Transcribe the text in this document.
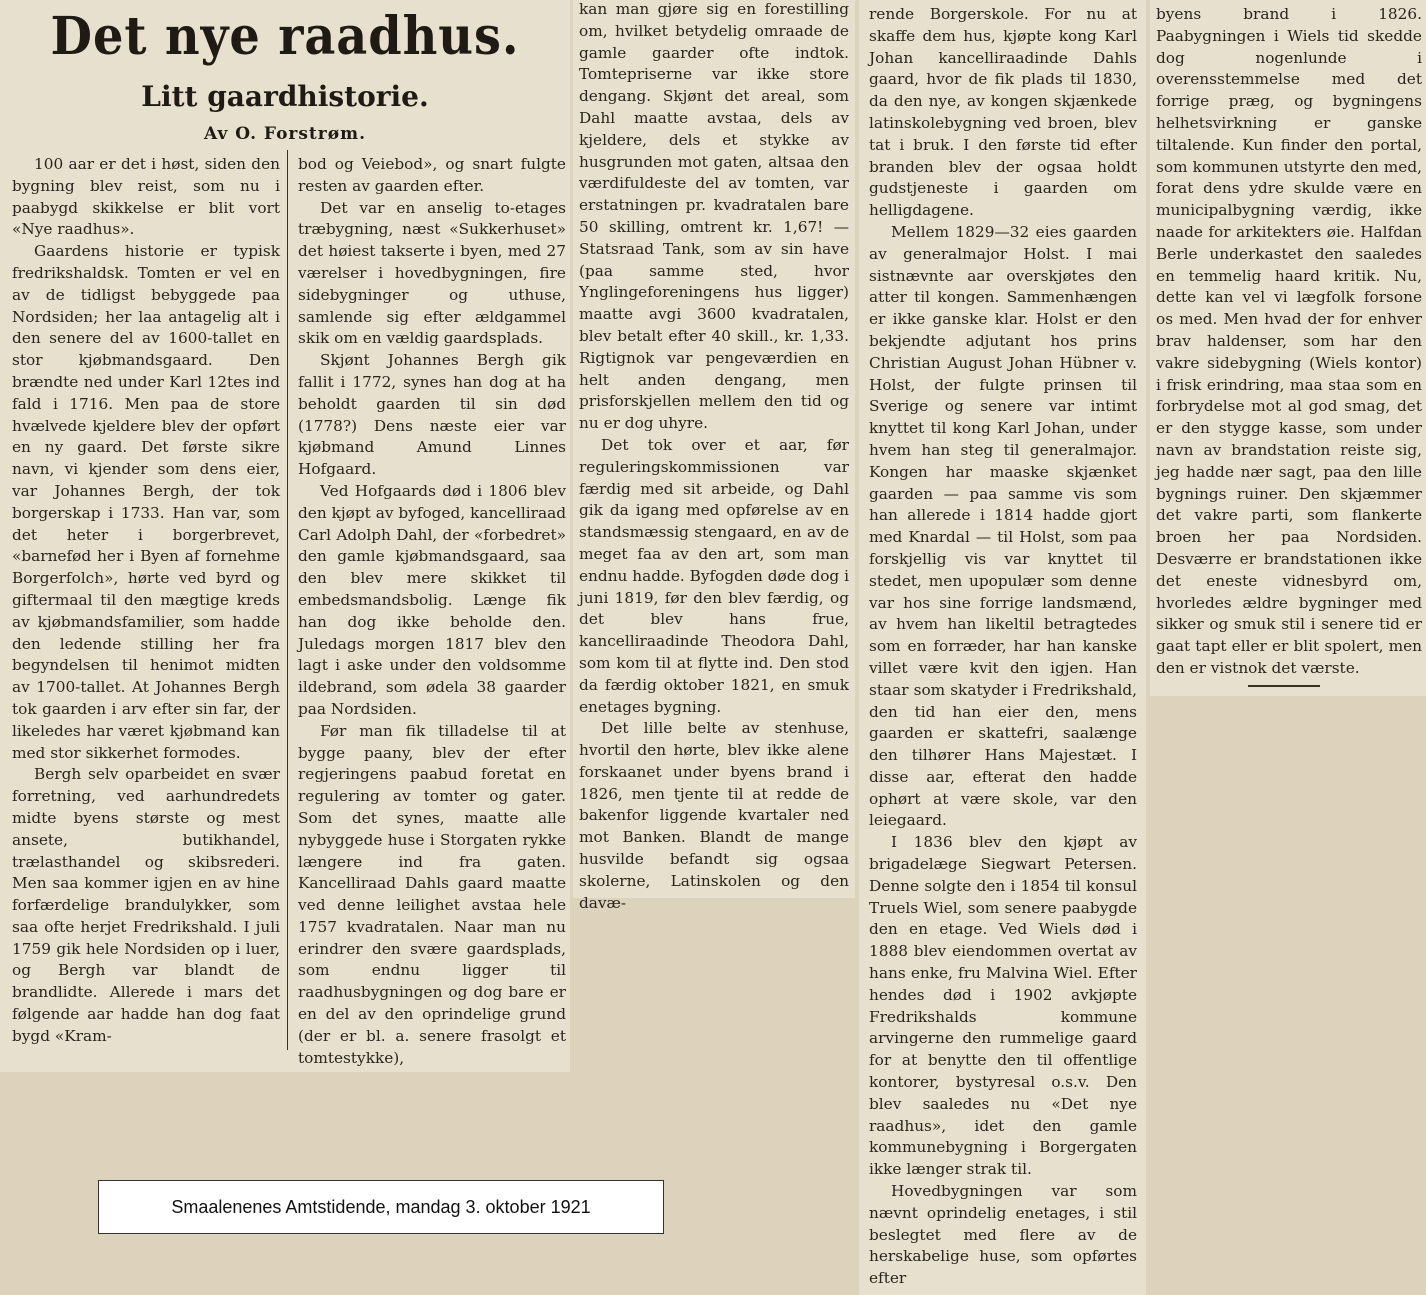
Det nye raadhus.
Litt gaardhistorie.
Av O. Forstrøm.

100 aar er det i høst, siden den bygning blev reist, som nu i paabygd skikkelse er blit vort «Nye raadhus».

Gaardens historie er typisk fredrikshaldsk. Tomten er vel en av de tidligst bebyggede paa Nordsiden; her laa antagelig alt i den senere del av 1600-tallet en stor kjøbmandsgaard. Den brændte ned under Karl 12tes ind fald i 1716. Men paa de store hvælvede kjeldere blev der opført en ny gaard. Det første sikre navn, vi kjender som dens eier, var Johannes Bergh, der tok borgerskap i 1733. Han var, som det heter i borgerbrevet, «barnefød her i Byen af fornehme Borgerfolch», hørte ved byrd og giftermaal til den mægtige kreds av kjøbmandsfamilier, som hadde den ledende stilling her fra begyndelsen til henimot midten av 1700-tallet. At Johannes Bergh tok gaarden i arv efter sin far, der likeledes har været kjøbmand kan med stor sikkerhet formodes.

Bergh selv oparbeidet en svær forretning, ved aarhundredets midte byens største og mest ansete, butikhandel, trælasthandel og skibsrederi. Men saa kommer igjen en av hine forfærdelige brandulykker, som saa ofte herjet Fredrikshald. I juli 1759 gik hele Nordsiden op i luer, og Bergh var blandt de brandlidte. Allerede i mars det følgende aar hadde han dog faat bygd «Kram-

bod og Veiebod», og snart fulgte resten av gaarden efter.

Det var en anselig to-etages træbygning, næst «Sukkerhuset» det høiest takserte i byen, med 27 værelser i hovedbygningen, fire sidebygninger og uthuse, samlende sig efter ældgammel skik om en vældig gaardsplads.

Skjønt Johannes Bergh gik fallit i 1772, synes han dog at ha beholdt gaarden til sin død (1778?) Dens næste eier var kjøbmand Amund Linnes Hofgaard.

Ved Hofgaards død i 1806 blev den kjøpt av byfoged, kancelliraad Carl Adolph Dahl, der «forbedret» den gamle kjøbmandsgaard, saa den blev mere skikket til embedsmandsbolig. Længe fik han dog ikke beholde den. Juledags morgen 1817 blev den lagt i aske under den voldsomme ildebrand, som ødela 38 gaarder paa Nordsiden.

Før man fik tilladelse til at bygge paany, blev der efter regjeringens paabud foretat en regulering av tomter og gater. Som det synes, maatte alle nybyggede huse i Storgaten rykke længere ind fra gaten. Kancelliraad Dahls gaard maatte ved denne leilighet avstaa hele 1757 kvadratalen. Naar man nu erindrer den svære gaardsplads, som endnu ligger til raadhusbygningen og dog bare er en del av den oprindelige grund (der er bl. a. senere frasolgt et tomtestykke),

kan man gjøre sig en forestilling om, hvilket betydelig omraade de gamle gaarder ofte indtok. Tomtepriserne var ikke store dengang. Skjønt det areal, som Dahl maatte avstaa, dels av kjeldere, dels et stykke av husgrunden mot gaten, altsaa den værdifuldeste del av tomten, var erstatningen pr. kvadratalen bare 50 skilling, omtrent kr. 1,67! — Statsraad Tank, som av sin have (paa samme sted, hvor Ynglingeforeningens hus ligger) maatte avgi 3600 kvadratalen, blev betalt efter 40 skill., kr. 1,33. Rigtignok var pengeværdien en helt anden dengang, men prisforskjellen mellem den tid og nu er dog uhyre.

Det tok over et aar, før reguleringskommissionen var færdig med sit arbeide, og Dahl gik da igang med opførelse av en standsmæssig stengaard, en av de meget faa av den art, som man endnu hadde. Byfogden døde dog i juni 1819, før den blev færdig, og det blev hans frue, kancelliraadinde Theodora Dahl, som kom til at flytte ind. Den stod da færdig oktober 1821, en smuk enetages bygning.

Det lille belte av stenhuse, hvortil den hørte, blev ikke alene forskaanet under byens brand i 1826, men tjente til at redde de bakenfor liggende kvartaler ned mot Banken. Blandt de mange husvilde befandt sig ogsaa skolerne, Latinskolen og den davæ-

rende Borgerskole. For nu at skaffe dem hus, kjøpte kong Karl Johan kancelliraadinde Dahls gaard, hvor de fik plads til 1830, da den nye, av kongen skjænkede latinskolebygning ved broen, blev tat i bruk. I den første tid efter branden blev der ogsaa holdt gudstjeneste i gaarden om helligdagene.

Mellem 1829—32 eies gaarden av generalmajor Holst. I mai sistnævnte aar overskjøtes den atter til kongen. Sammenhængen er ikke ganske klar. Holst er den bekjendte adjutant hos prins Christian August Johan Hübner v. Holst, der fulgte prinsen til Sverige og senere var intimt knyttet til kong Karl Johan, under hvem han steg til generalmajor. Kongen har maaske skjænket gaarden — paa samme vis som han allerede i 1814 hadde gjort med Knardal — til Holst, som paa forskjellig vis var knyttet til stedet, men upopulær som denne var hos sine forrige landsmænd, av hvem han likeltil betragtedes som en forræder, har han kanske villet være kvit den igjen. Han staar som skatyder i Fredrikshald, den tid han eier den, mens gaarden er skattefri, saalænge den tilhører Hans Majestæt. I disse aar, efterat den hadde ophørt at være skole, var den leiegaard.

I 1836 blev den kjøpt av brigadelæge Siegwart Petersen. Denne solgte den i 1854 til konsul Truels Wiel, som senere paabygde den en etage. Ved Wiels død i 1888 blev eiendommen overtat av hans enke, fru Malvina Wiel. Efter hendes død i 1902 avkjøpte Fredrikshalds kommune arvingerne den rummelige gaard for at benytte den til offentlige kontorer, bystyresal o.s.v. Den blev saaledes nu «Det nye raadhus», idet den gamle kommunebygning i Borgergaten ikke længer strak til.

Hovedbygningen var som nævnt oprindelig enetages, i stil beslegtet med flere av de herskabelige huse, som opførtes efter

byens brand i 1826. Paabygningen i Wiels tid skedde dog nogenlunde i overensstemmelse med det forrige præg, og bygningens helhetsvirkning er ganske tiltalende. Kun finder den portal, som kommunen utstyrte den med, forat dens ydre skulde være en municipalbygning værdig, ikke naade for arkitekters øie. Halfdan Berle underkastet den saaledes en temmelig haard kritik. Nu, dette kan vel vi lægfolk forsone os med. Men hvad der for enhver brav haldenser, som har den vakre sidebygning (Wiels kontor) i frisk erindring, maa staa som en forbrydelse mot al god smag, det er den stygge kasse, som under navn av brandstation reiste sig, jeg hadde nær sagt, paa den lille bygnings ruiner. Den skjæmmer det vakre parti, som flankerte broen her paa Nordsiden. Desværre er brandstationen ikke det eneste vidnesbyrd om, hvorledes ældre bygninger med sikker og smuk stil i senere tid er gaat tapt eller er blit spolert, men den er vistnok det værste.

Smaalenenes Amtstidende, mandag 3. oktober 1921
